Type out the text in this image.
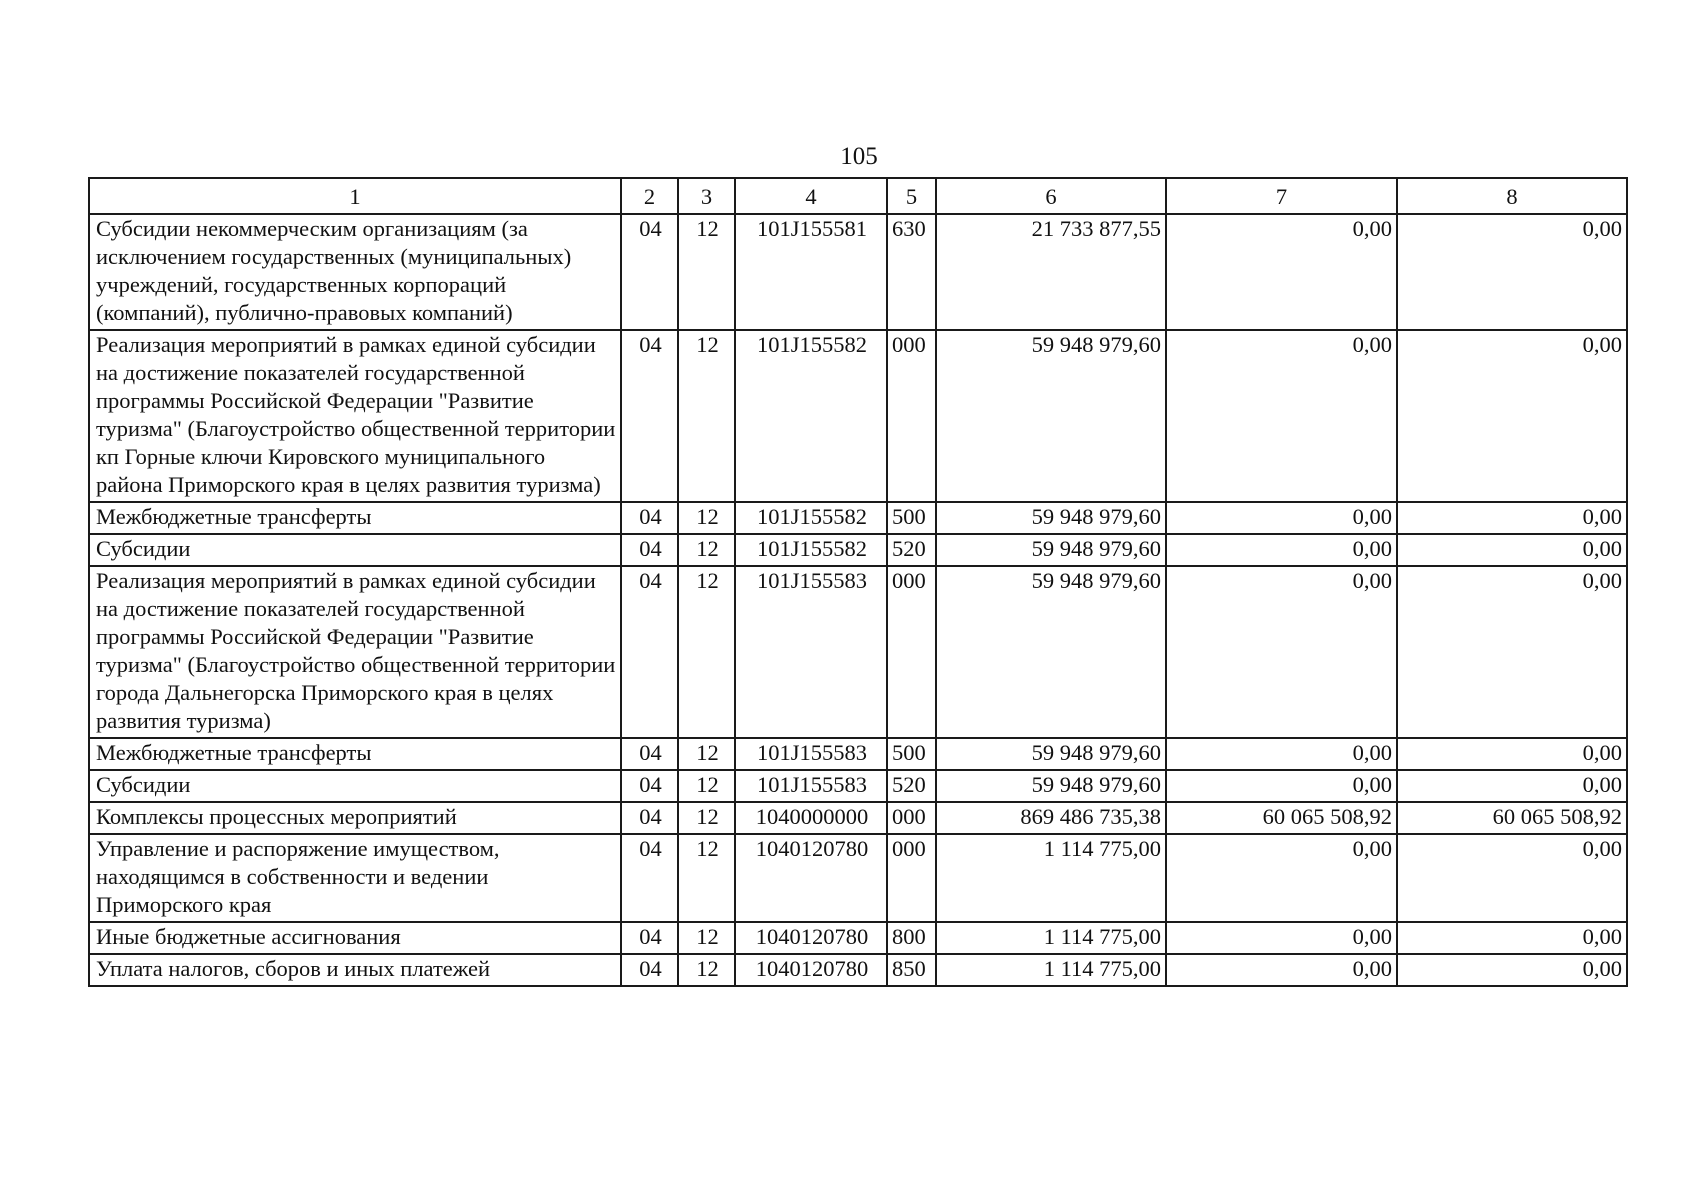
105
1	2	3	4	5	6	7	8
Субсидии некоммерческим организациям (за исключением государственных (муниципальных) учреждений, государственных корпораций (компаний), публично-правовых компаний)	04	12	101J155581	630	21 733 877,55	0,00	0,00
Реализация мероприятий в рамках единой субсидии на достижение показателей государственной программы Российской Федерации "Развитие туризма" (Благоустройство общественной территории кп Горные ключи Кировского муниципального района Приморского края в целях развития туризма)	04	12	101J155582	000	59 948 979,60	0,00	0,00
Межбюджетные трансферты	04	12	101J155582	500	59 948 979,60	0,00	0,00
Субсидии	04	12	101J155582	520	59 948 979,60	0,00	0,00
Реализация мероприятий в рамках единой субсидии на достижение показателей государственной программы Российской Федерации "Развитие туризма" (Благоустройство общественной территории города Дальнегорска Приморского края в целях развития туризма)	04	12	101J155583	000	59 948 979,60	0,00	0,00
Межбюджетные трансферты	04	12	101J155583	500	59 948 979,60	0,00	0,00
Субсидии	04	12	101J155583	520	59 948 979,60	0,00	0,00
Комплексы процессных мероприятий	04	12	1040000000	000	869 486 735,38	60 065 508,92	60 065 508,92
Управление и распоряжение имуществом, находящимся в собственности и ведении Приморского края	04	12	1040120780	000	1 114 775,00	0,00	0,00
Иные бюджетные ассигнования	04	12	1040120780	800	1 114 775,00	0,00	0,00
Уплата налогов, сборов и иных платежей	04	12	1040120780	850	1 114 775,00	0,00	0,00
